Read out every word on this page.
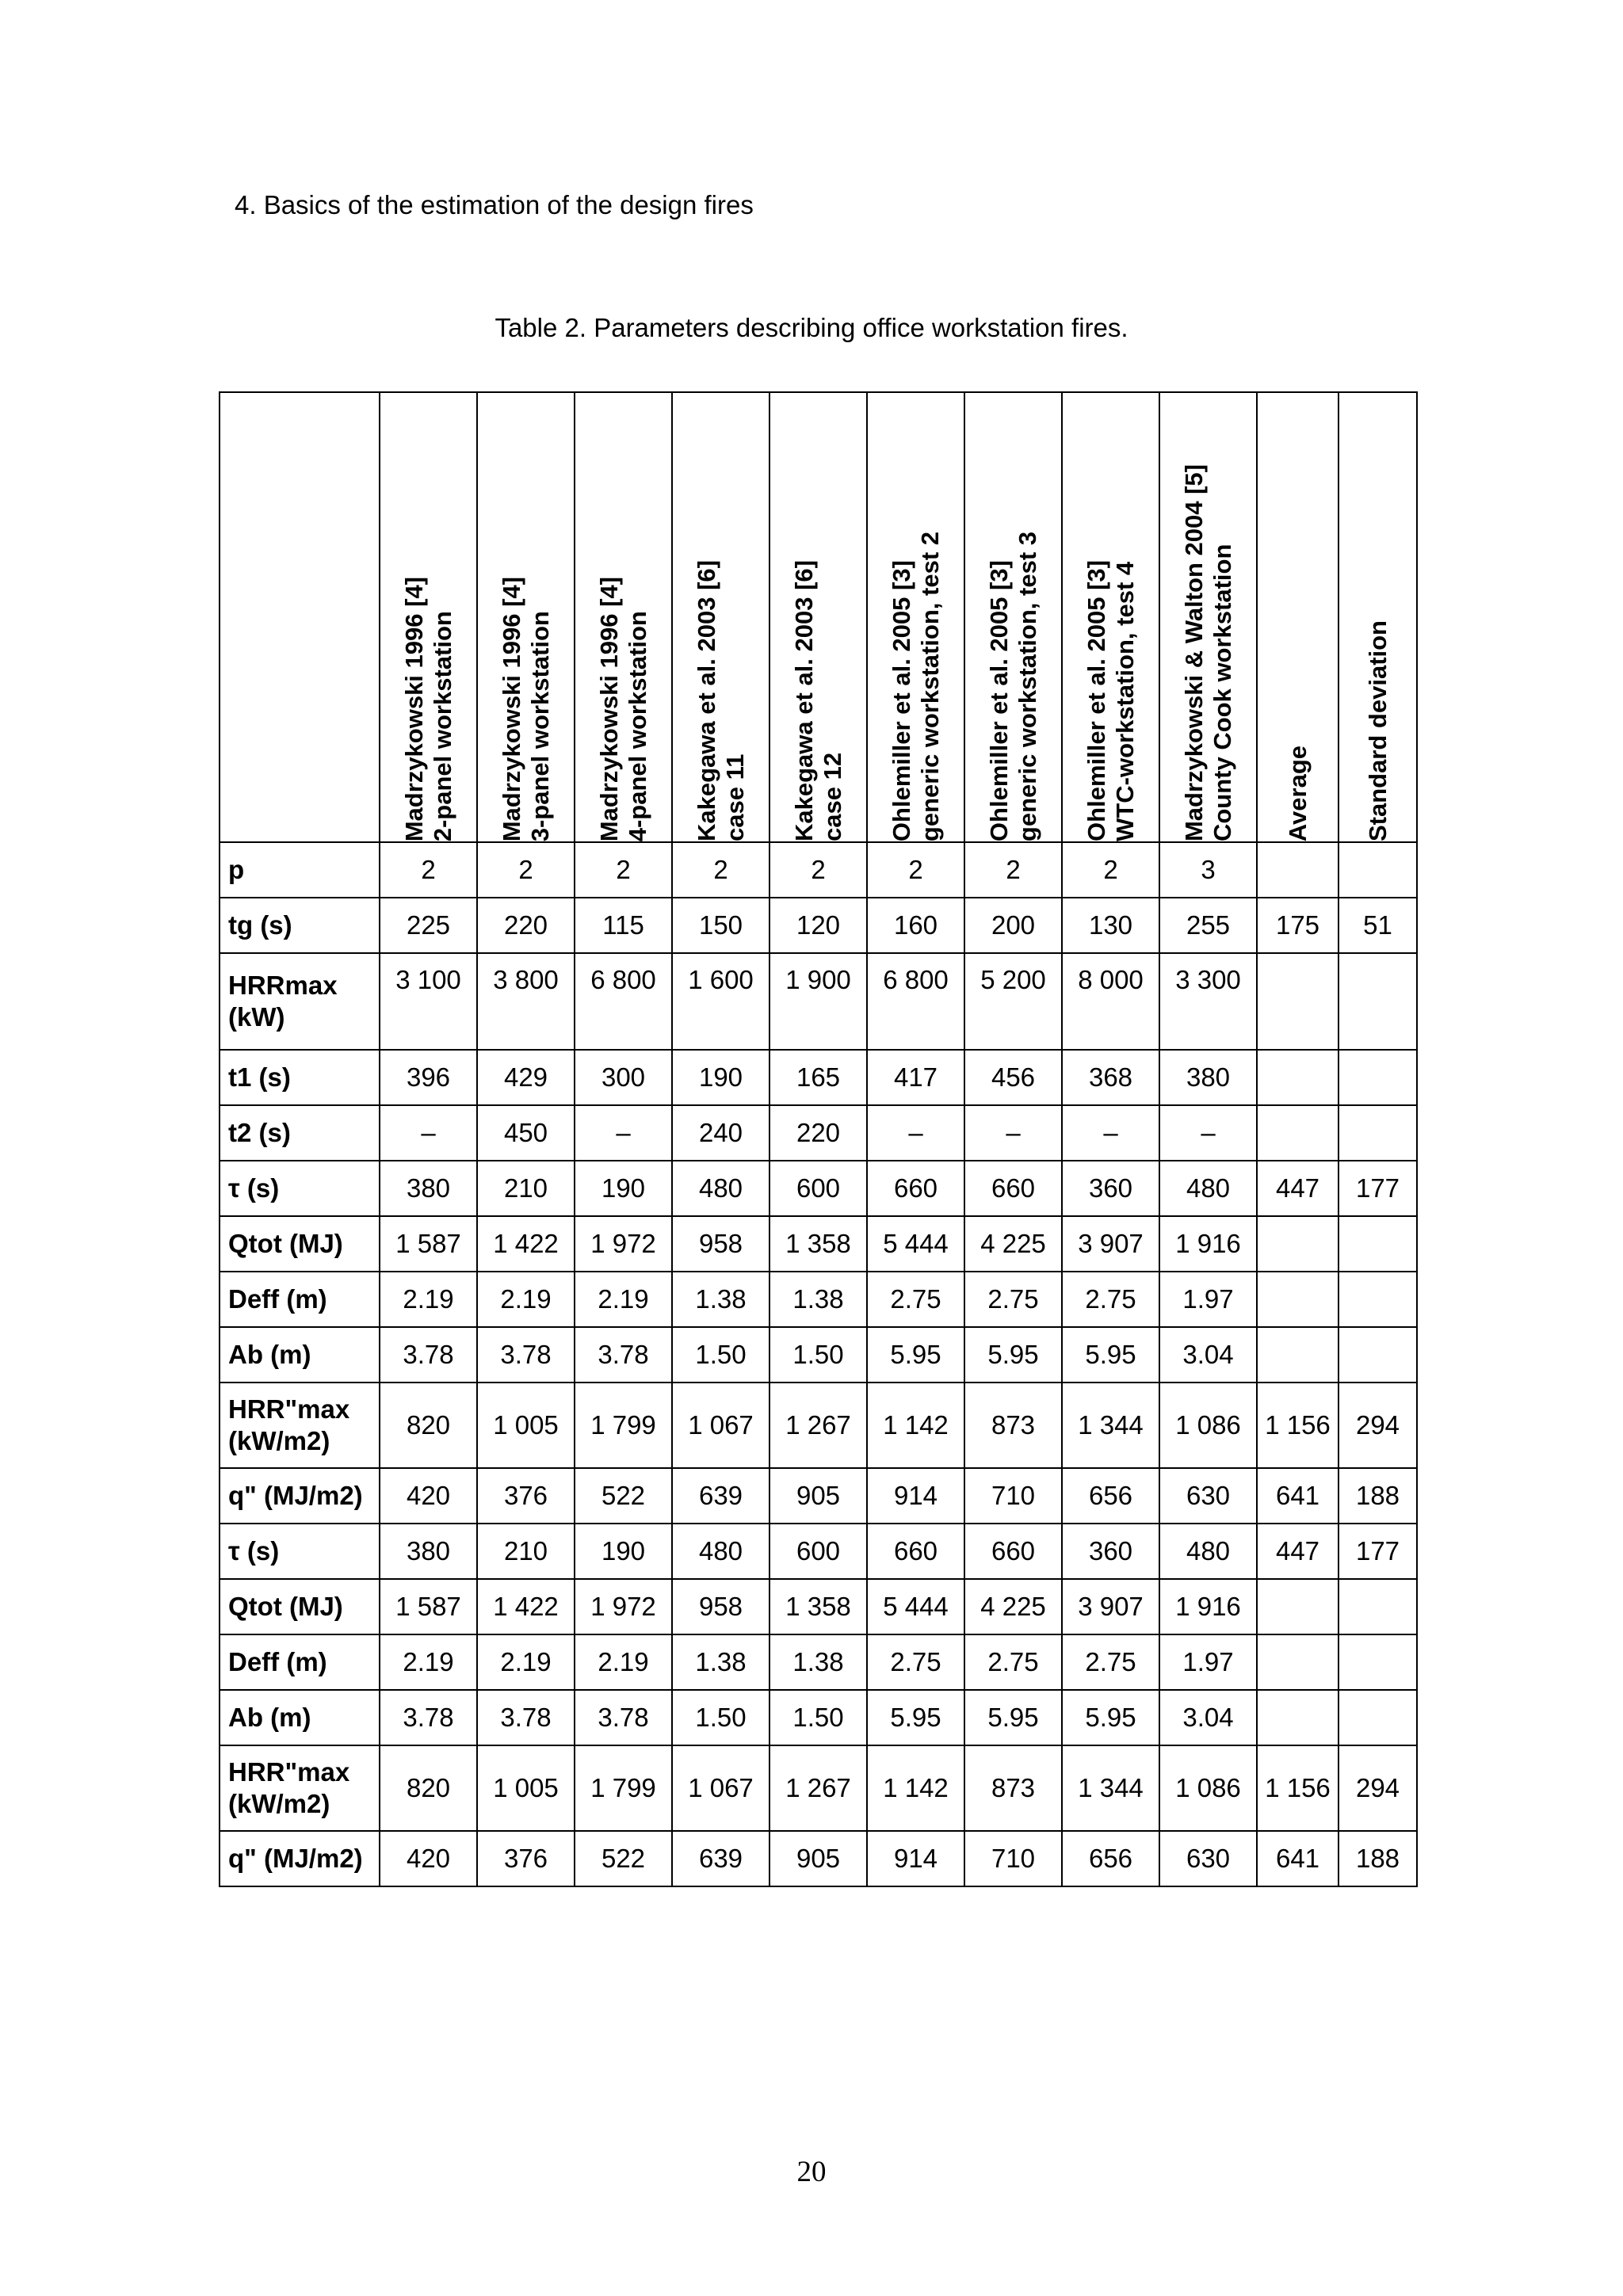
4. Basics of the estimation of the design fires
Table 2. Parameters describing office workstation fires.

	Madrzykowski 1996 [4]
2-panel workstation	Madrzykowski 1996 [4]
3-panel workstation	Madrzykowski 1996 [4]
4-panel workstation	Kakegawa et al. 2003 [6]
case 11	Kakegawa et al. 2003 [6]
case 12	Ohlemiller et al. 2005 [3]
generic workstation, test 2	Ohlemiller et al. 2005 [3]
generic workstation, test 3	Ohlemiller et al. 2005 [3]
WTC-workstation, test 4	Madrzykowski & Walton 2004 [5]
County Cook workstation	Average	Standard deviation

p	2	2	2	2	2	2	2	2	3		
tg (s)	225	220	115	150	120	160	200	130	255	175	51
HRRmax (kW)	3 100	3 800	6 800	1 600	1 900	6 800	5 200	8 000	3 300		
t1 (s)	396	429	300	190	165	417	456	368	380		
t2 (s)	–	450	–	240	220	–	–	–	–		
τ (s)	380	210	190	480	600	660	660	360	480	447	177
Qtot (MJ)	1 587	1 422	1 972	958	1 358	5 444	4 225	3 907	1 916		
Deff (m)	2.19	2.19	2.19	1.38	1.38	2.75	2.75	2.75	1.97		
Ab (m)	3.78	3.78	3.78	1.50	1.50	5.95	5.95	5.95	3.04		
HRR"max (kW/m2)	820	1 005	1 799	1 067	1 267	1 142	873	1 344	1 086	1 156	294
q" (MJ/m2)	420	376	522	639	905	914	710	656	630	641	188
τ (s)	380	210	190	480	600	660	660	360	480	447	177
Qtot (MJ)	1 587	1 422	1 972	958	1 358	5 444	4 225	3 907	1 916		
Deff (m)	2.19	2.19	2.19	1.38	1.38	2.75	2.75	2.75	1.97		
Ab (m)	3.78	3.78	3.78	1.50	1.50	5.95	5.95	5.95	3.04		
HRR"max (kW/m2)	820	1 005	1 799	1 067	1 267	1 142	873	1 344	1 086	1 156	294
q" (MJ/m2)	420	376	522	639	905	914	710	656	630	641	188
20
